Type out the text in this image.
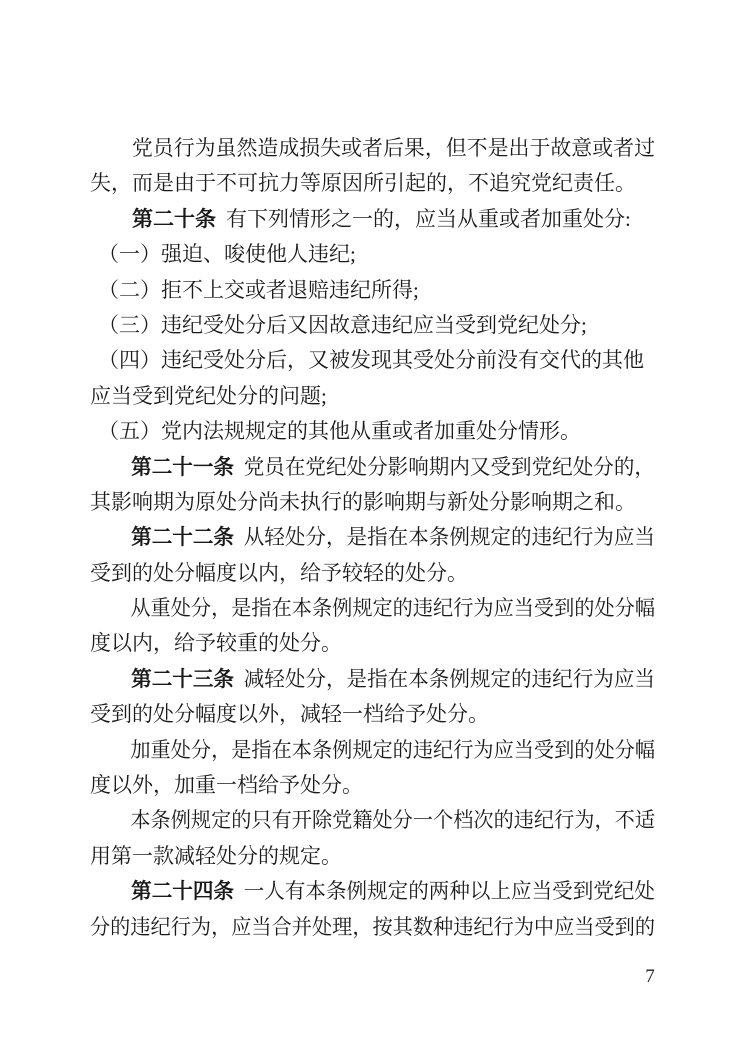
党员行为虽然造成损失或者后果，但不是出于故意或者过
失，而是由于不可抗力等原因所引起的，不追究党纪责任。
第二十条 有下列情形之一的，应当从重或者加重处分:
（一）强迫、唆使他人违纪;
（二）拒不上交或者退赔违纪所得;
（三）违纪受处分后又因故意违纪应当受到党纪处分;
（四）违纪受处分后，又被发现其受处分前没有交代的其他
应当受到党纪处分的问题;
（五）党内法规规定的其他从重或者加重处分情形。
第二十一条 党员在党纪处分影响期内又受到党纪处分的，
其影响期为原处分尚未执行的影响期与新处分影响期之和。
第二十二条 从轻处分，是指在本条例规定的违纪行为应当
受到的处分幅度以内，给予较轻的处分。
从重处分，是指在本条例规定的违纪行为应当受到的处分幅
度以内，给予较重的处分。
第二十三条 减轻处分，是指在本条例规定的违纪行为应当
受到的处分幅度以外，减轻一档给予处分。
加重处分，是指在本条例规定的违纪行为应当受到的处分幅
度以外，加重一档给予处分。
本条例规定的只有开除党籍处分一个档次的违纪行为，不适
用第一款减轻处分的规定。
第二十四条 一人有本条例规定的两种以上应当受到党纪处
分的违纪行为，应当合并处理，按其数种违纪行为中应当受到的
7
